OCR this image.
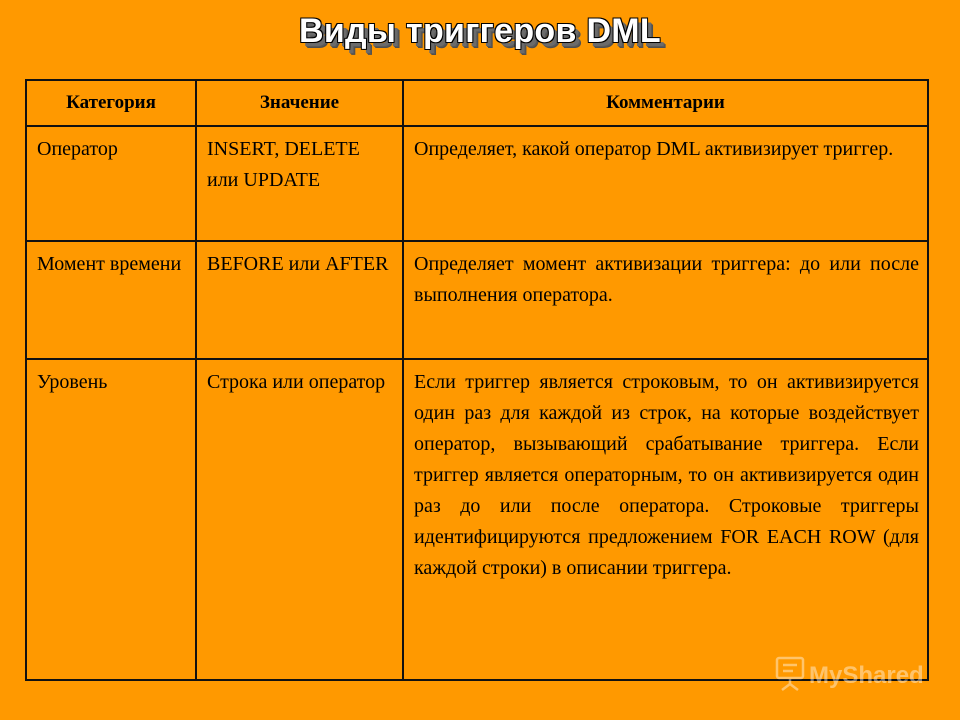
Виды триггеров DML
Категория	Значение	Комментарии
Оператор	INSERT, DELETE или UPDATE	Определяет, какой оператор DML активизирует триггер.
Момент времени	BEFORE или AFTER	Определяет момент активизации триггера: до или после выполнения оператора.
Уровень	Строка или оператор	Если триггер является строковым, то он активизируется один раз для каждой из строк, на которые воздействует оператор, вызывающий срабатывание триггера. Если триггер является операторным, то он активизируется один раз до или после оператора. Строковые триггеры идентифицируются предложением FOR EACH ROW (для каждой строки) в описании триггера.
MyShared
